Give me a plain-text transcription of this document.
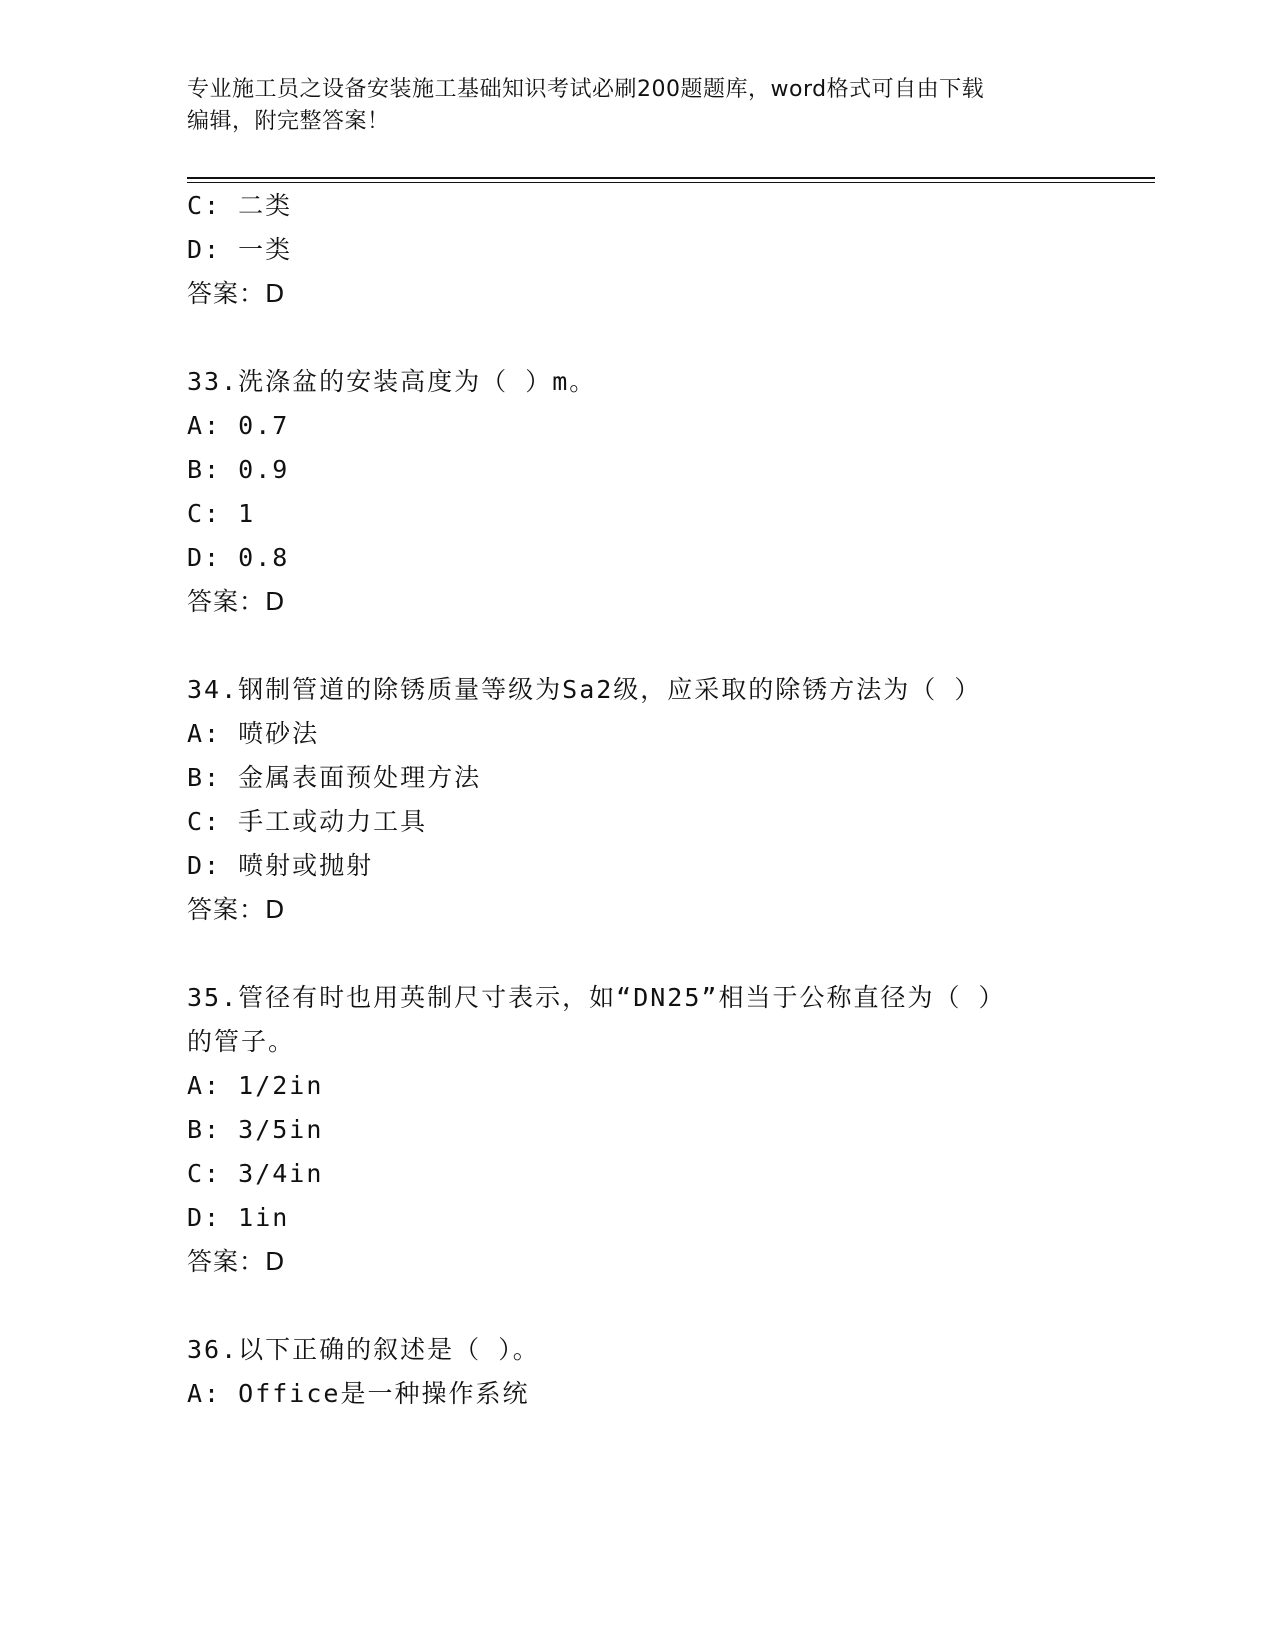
专业施工员之设备安装施工基础知识考试必刷200题题库，word格式可自由下载
编辑，附完整答案！
C: 二类
D: 一类
答案：D
33.洗涤盆的安装高度为（ ）m。
A: 0.7
B: 0.9
C: 1
D: 0.8
答案：D
34.钢制管道的除锈质量等级为Sa2级，应采取的除锈方法为（ ）
A: 喷砂法
B: 金属表面预处理方法
C: 手工或动力工具
D: 喷射或抛射
答案：D
35.管径有时也用英制尺寸表示，如“DN25”相当于公称直径为（ ）
的管子。
A: 1/2in
B: 3/5in
C: 3/4in
D: 1in
答案：D
36.以下正确的叙述是（ ）。
A: Office是一种操作系统
